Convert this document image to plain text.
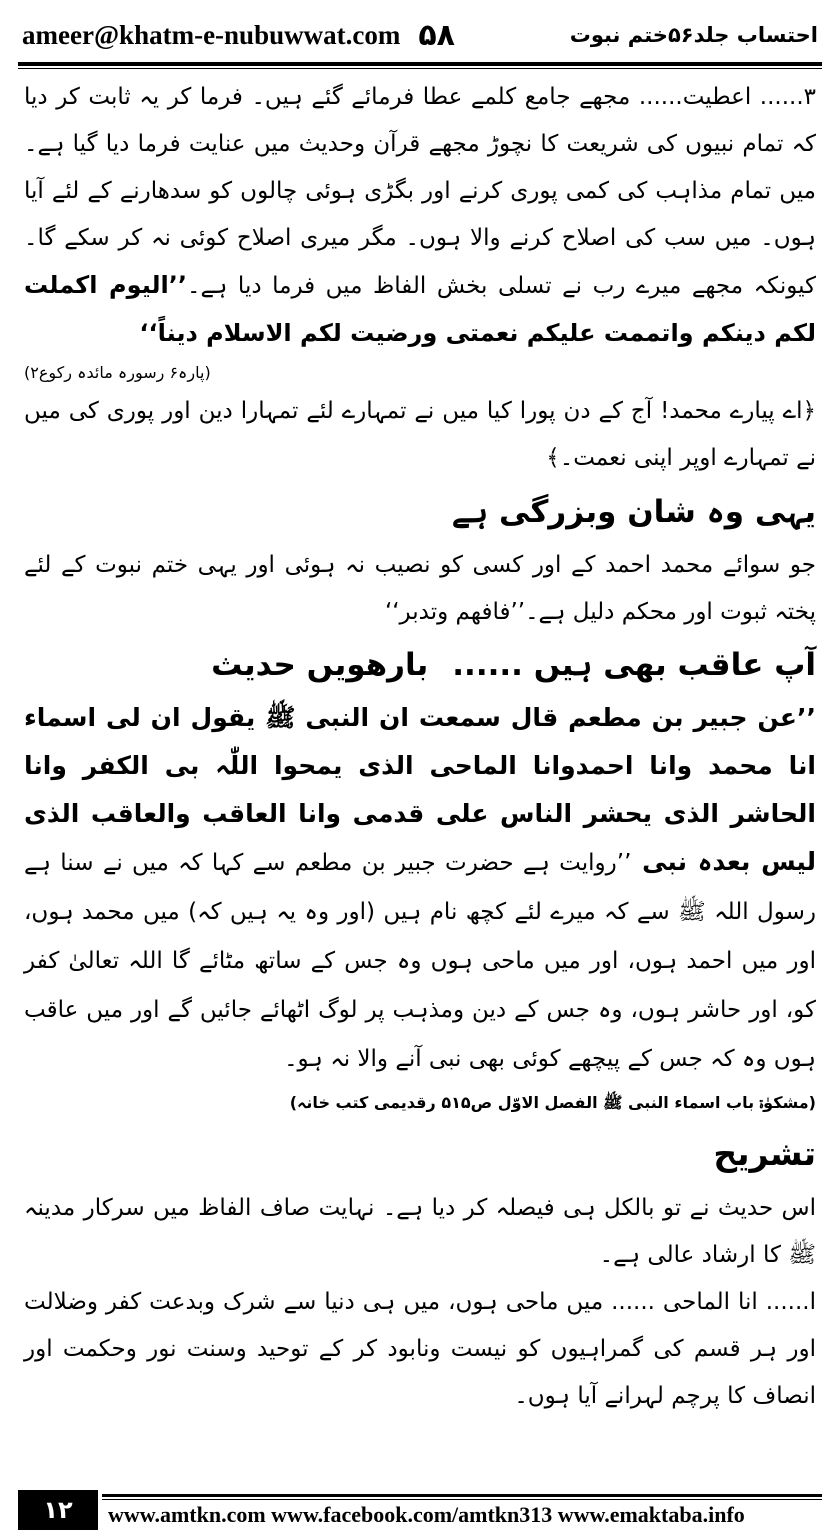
ameer@khatm-e-nubuwwat.com ۵۸	احتساب جلد۵۶ختم نبوت

۳...... اعطیت...... مجھے جامع کلمے عطا فرمائے گئے ہیں۔ فرما کر یہ ثابت کر دیا کہ تمام نبیوں کی شریعت کا نچوڑ مجھے قرآن وحدیث میں عنایت فرما دیا گیا ہے۔ میں تمام مذاہب کی کمی پوری کرنے اور بگڑی ہوئی چالوں کو سدھارنے کے لئے آیا ہوں۔ میں سب کی اصلاح کرنے والا ہوں۔ مگر میری اصلاح کوئی نہ کر سکے گا۔ کیونکہ مجھے میرے رب نے تسلی بخش الفاظ میں فرما دیا ہے۔’’الیوم اکملت لکم دینکم واتممت علیکم نعمتی ورضیت لکم الاسلام دیناً‘‘

(پارہ۶ رسورہ مائدہ رکوع۲)

﴿اے پیارے محمد! آج کے دن پورا کیا میں نے تمہارے لئے تمہارا دین اور پوری کی میں نے تمہارے اوپر اپنی نعمت۔﴾

یہی وہ شان وبزرگی ہے

جو سوائے محمد احمد کے اور کسی کو نصیب نہ ہوئی اور یہی ختم نبوت کے لئے پختہ ثبوت اور محکم دلیل ہے۔’’فافھم وتدبر‘‘

آپ عاقب بھی ہیں ......
بارھویں حدیث

’’عن جبیر بن مطعم قال سمعت ان النبی ﷺ یقول ان لی اسماء انا محمد وانا احمدوانا الماحی الذی یمحوا اللّٰہ بی الکفر وانا الحاشر الذی یحشر الناس علی قدمی وانا العاقب والعاقب الذی لیس بعدہ نبی ’’روایت ہے حضرت جبیر بن مطعم سے کہا کہ میں نے سنا ہے رسول اللہ ﷺ سے کہ میرے لئے کچھ نام ہیں (اور وہ یہ ہیں کہ) میں محمد ہوں، اور میں احمد ہوں، اور میں ماحی ہوں وہ جس کے ساتھ مٹائے گا اللہ تعالیٰ کفر کو، اور حاشر ہوں، وہ جس کے دین ومذہب پر لوگ اٹھائے جائیں گے اور میں عاقب ہوں وہ کہ جس کے پیچھے کوئی بھی نبی آنے والا نہ ہو۔

(مشکوٰۃ باب اسماء النبی ﷺ الفصل الاوّل ص۵۱۵ رقدیمی کتب خانہ)

تشریح

اس حدیث نے تو بالکل ہی فیصلہ کر دیا ہے۔ نہایت صاف الفاظ میں سرکار مدینہ ﷺ کا ارشاد عالی ہے۔

ا...... انا الماحی ...... میں ماحی ہوں، میں ہی دنیا سے شرک وبدعت کفر وضلالت اور ہر قسم کی گمراہیوں کو نیست ونابود کر کے توحید وسنت نور وحکمت اور انصاف کا پرچم لہرانے آیا ہوں۔

۱۲	www.amtkn.com www.facebook.com/amtkn313 www.emaktaba.info
